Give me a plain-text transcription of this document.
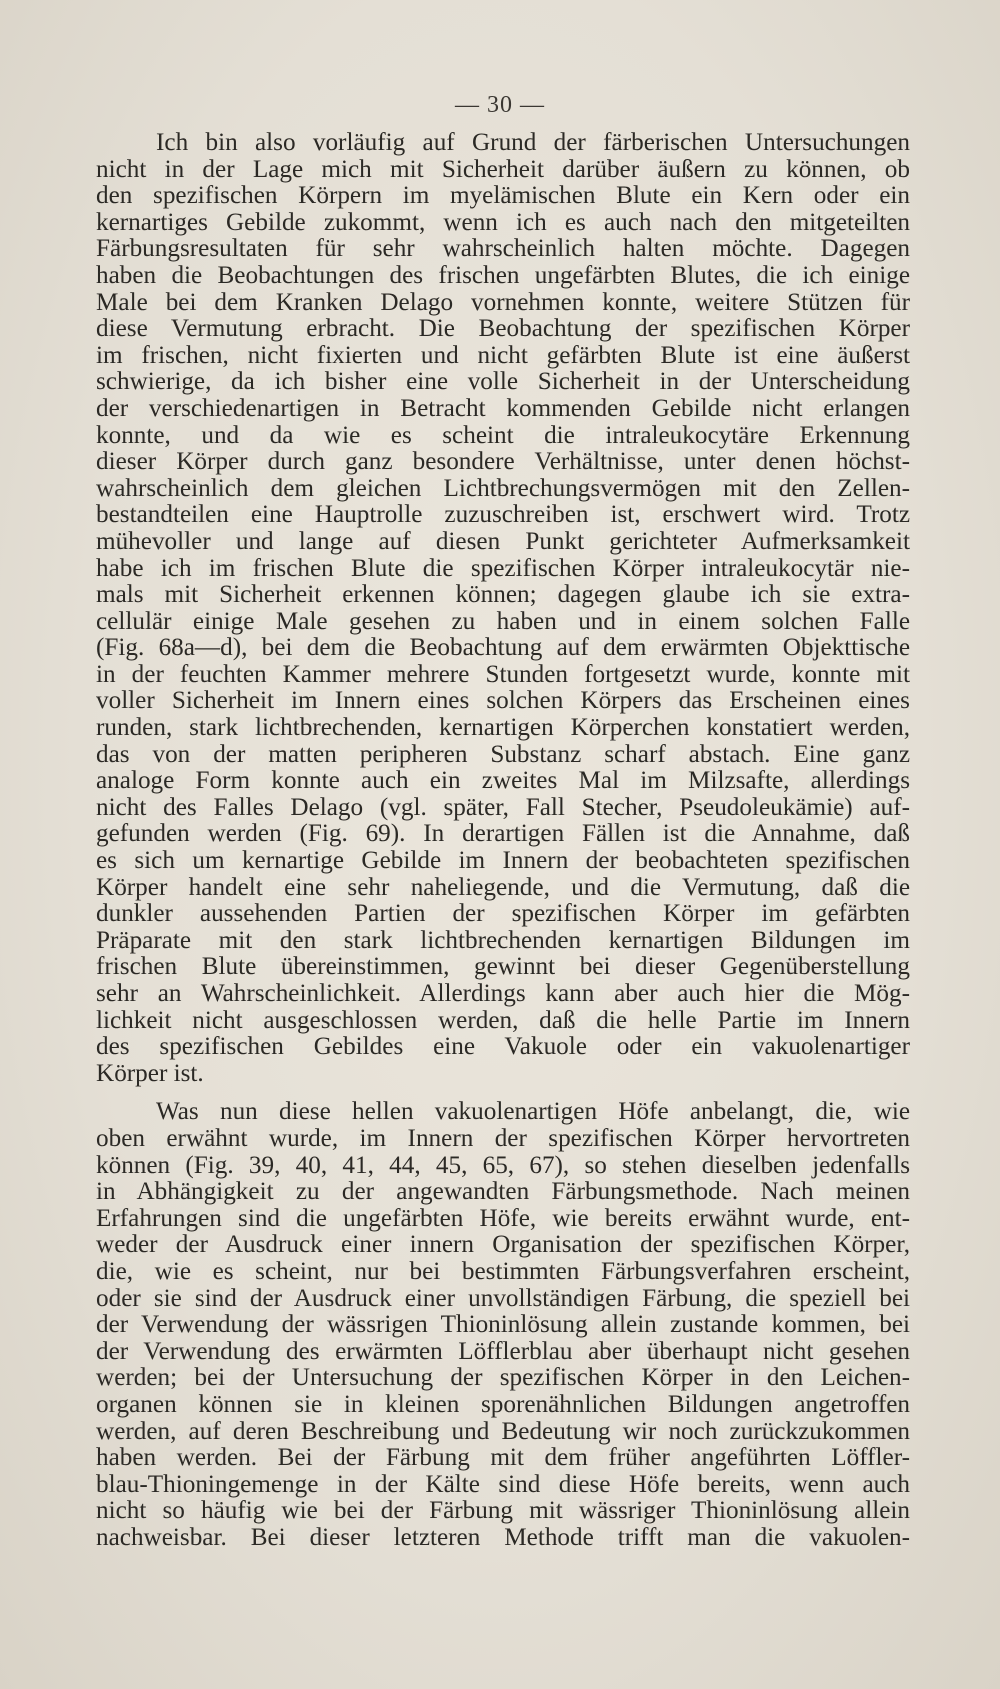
— 30 —
Ich bin also vorläufig auf Grund der färberischen Untersuchungen
nicht in der Lage mich mit Sicherheit darüber äußern zu können, ob
den spezifischen Körpern im myelämischen Blute ein Kern oder ein
kernartiges Gebilde zukommt, wenn ich es auch nach den mitgeteilten
Färbungsresultaten für sehr wahrscheinlich halten möchte. Dagegen
haben die Beobachtungen des frischen ungefärbten Blutes, die ich einige
Male bei dem Kranken Delago vornehmen konnte, weitere Stützen für
diese Vermutung erbracht. Die Beobachtung der spezifischen Körper
im frischen, nicht fixierten und nicht gefärbten Blute ist eine äußerst
schwierige, da ich bisher eine volle Sicherheit in der Unterscheidung
der verschiedenartigen in Betracht kommenden Gebilde nicht erlangen
konnte, und da wie es scheint die intraleukocytäre Erkennung
dieser Körper durch ganz besondere Verhältnisse, unter denen höchst-
wahrscheinlich dem gleichen Lichtbrechungsvermögen mit den Zellen-
bestandteilen eine Hauptrolle zuzuschreiben ist, erschwert wird. Trotz
mühevoller und lange auf diesen Punkt gerichteter Aufmerksamkeit
habe ich im frischen Blute die spezifischen Körper intraleukocytär nie-
mals mit Sicherheit erkennen können; dagegen glaube ich sie extra-
cellulär einige Male gesehen zu haben und in einem solchen Falle
(Fig. 68a—d), bei dem die Beobachtung auf dem erwärmten Objekttische
in der feuchten Kammer mehrere Stunden fortgesetzt wurde, konnte mit
voller Sicherheit im Innern eines solchen Körpers das Erscheinen eines
runden, stark lichtbrechenden, kernartigen Körperchen konstatiert werden,
das von der matten peripheren Substanz scharf abstach. Eine ganz
analoge Form konnte auch ein zweites Mal im Milzsafte, allerdings
nicht des Falles Delago (vgl. später, Fall Stecher, Pseudoleukämie) auf-
gefunden werden (Fig. 69). In derartigen Fällen ist die Annahme, daß
es sich um kernartige Gebilde im Innern der beobachteten spezifischen
Körper handelt eine sehr naheliegende, und die Vermutung, daß die
dunkler aussehenden Partien der spezifischen Körper im gefärbten
Präparate mit den stark lichtbrechenden kernartigen Bildungen im
frischen Blute übereinstimmen, gewinnt bei dieser Gegenüberstellung
sehr an Wahrscheinlichkeit. Allerdings kann aber auch hier die Mög-
lichkeit nicht ausgeschlossen werden, daß die helle Partie im Innern
des spezifischen Gebildes eine Vakuole oder ein vakuolenartiger
Körper ist.
Was nun diese hellen vakuolenartigen Höfe anbelangt, die, wie
oben erwähnt wurde, im Innern der spezifischen Körper hervortreten
können (Fig. 39, 40, 41, 44, 45, 65, 67), so stehen dieselben jedenfalls
in Abhängigkeit zu der angewandten Färbungsmethode. Nach meinen
Erfahrungen sind die ungefärbten Höfe, wie bereits erwähnt wurde, ent-
weder der Ausdruck einer innern Organisation der spezifischen Körper,
die, wie es scheint, nur bei bestimmten Färbungsverfahren erscheint,
oder sie sind der Ausdruck einer unvollständigen Färbung, die speziell bei
der Verwendung der wässrigen Thioninlösung allein zustande kommen, bei
der Verwendung des erwärmten Löfflerblau aber überhaupt nicht gesehen
werden; bei der Untersuchung der spezifischen Körper in den Leichen-
organen können sie in kleinen sporenähnlichen Bildungen angetroffen
werden, auf deren Beschreibung und Bedeutung wir noch zurückzukommen
haben werden. Bei der Färbung mit dem früher angeführten Löffler-
blau-Thioningemenge in der Kälte sind diese Höfe bereits, wenn auch
nicht so häufig wie bei der Färbung mit wässriger Thioninlösung allein
nachweisbar. Bei dieser letzteren Methode trifft man die vakuolen-
